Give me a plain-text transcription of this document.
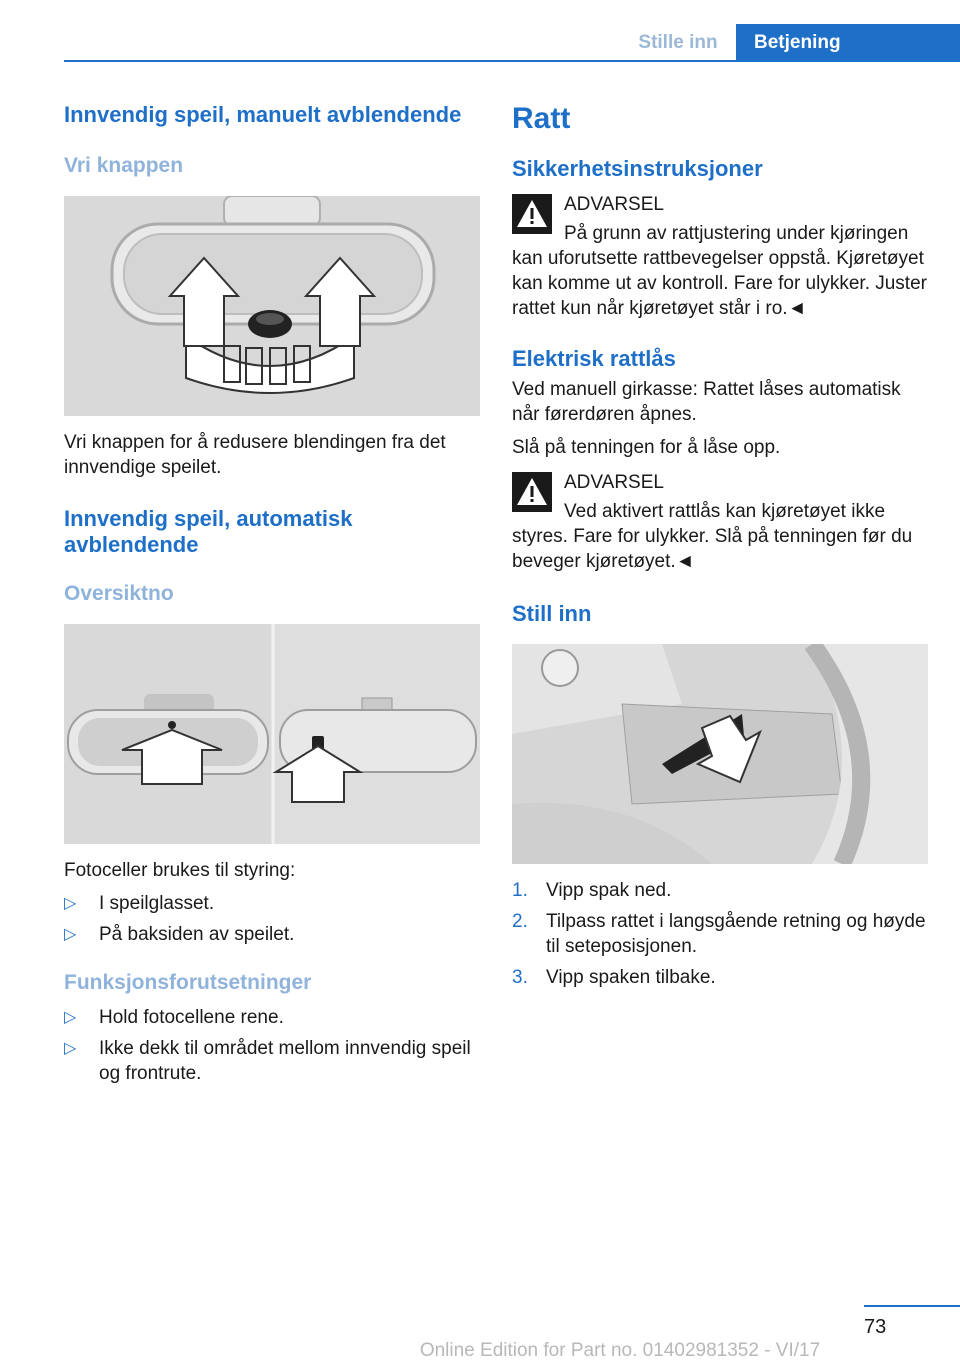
Stille inn	Betjening
Innvendig speil, manuelt avblendende
Vri knappen

Vri knappen for å redusere blendingen fra det innvendige speilet.

Innvendig speil, automatisk avblendende
Oversiktno

Fotoceller brukes til styring:

▷ I speilglasset.
▷ På baksiden av speilet.
Funksjonsforutsetninger
▷ Hold fotocellene rene.
▷ Ikke dekk til området mellom innvendig speil og frontrute.
Ratt
Sikkerhetsinstruksjoner
ADVARSEL
På grunn av rattjustering under kjøringen
kan uforutsette rattbevegelser oppstå. Kjøretøyet kan komme ut av kontroll. Fare for ulykker. Juster rattet kun når kjøretøyet står i ro.◄
Elektrisk rattlås

Ved manuell girkasse: Rattet låses automatisk når førerdøren åpnes.

Slå på tenningen for å låse opp.

ADVARSEL
Ved aktivert rattlås kan kjøretøyet ikke
styres. Fare for ulykker. Slå på tenningen før du beveger kjøretøyet.◄
Still inn
1. Vipp spak ned.
2. Tilpass rattet i langsgående retning og høyde til seteposisjonen.
3. Vipp spaken tilbake.
73
Online Edition for Part no. 01402981352 - VI/17
